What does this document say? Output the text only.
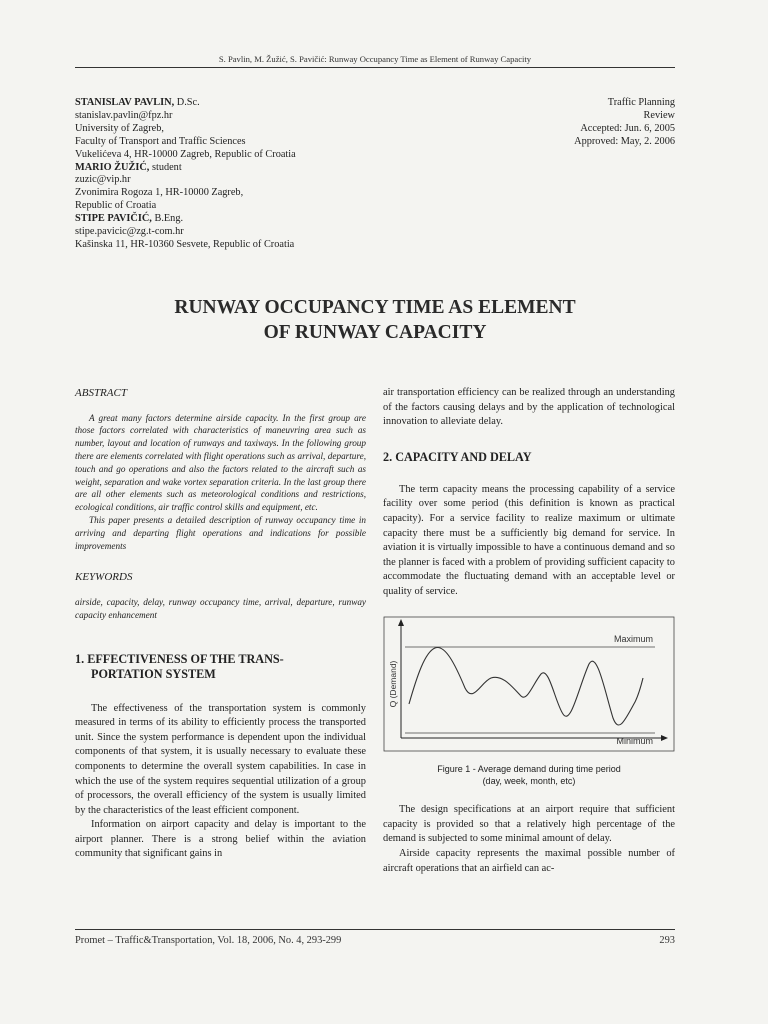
S. Pavlin, M. Žužić, S. Pavičić: Runway Occupancy Time as Element of Runway Capacity
STANISLAV PAVLIN, D.Sc.
stanislav.pavlin@fpz.hr
University of Zagreb,
Faculty of Transport and Traffic Sciences
Vukelićeva 4, HR-10000 Zagreb, Republic of Croatia
MARIO ŽUŽIĆ, student
zuzic@vip.hr
Zvonimira Rogoza 1, HR-10000 Zagreb,
Republic of Croatia
STIPE PAVIČIĆ, B.Eng.
stipe.pavicic@zg.t-com.hr
Kašinska 11, HR-10360 Sesvete, Republic of Croatia
Traffic Planning
Review
Accepted: Jun. 6, 2005
Approved: May, 2. 2006
RUNWAY OCCUPANCY TIME AS ELEMENT
OF RUNWAY CAPACITY
ABSTRACT

A great many factors determine airside capacity. In the first group are those factors correlated with characteristics of maneuvring area such as number, layout and location of runways and taxiways. In the following group there are elements correlated with flight operations such as arrival, departure, touch and go operations and also the factors related to the aircraft such as weight, separation and wake vortex separation criteria. In the last group there are all other elements such as meteorological conditions and restrictions, ecological conditions, air traffic control skills and equipment, etc.

This paper presents a detailed description of runway occupancy time in arriving and departing flight operations and indications for possible improvements

KEYWORDS

airside, capacity, delay, runway occupancy time, arrival, departure, runway capacity enhancement

1. EFFECTIVENESS OF THE TRANS-
PORTATION SYSTEM

The effectiveness of the transportation system is commonly measured in terms of its ability to efficiently process the transported unit. Since the system performance is dependent upon the individual components of that system, it is usually necessary to evaluate these components to determine the overall system capabilities. In case in which the use of the system requires sequential utilization of a group of processors, the overall efficiency of the system is usually limited by the characteristics of the least efficient component.

Information on airport capacity and delay is important to the airport planner. There is a strong belief within the aviation community that significant gains in

air transportation efficiency can be realized through an understanding of the factors causing delays and by the application of technological innovation to alleviate delay.

2. CAPACITY AND DELAY

The term capacity means the processing capability of a service facility over some period (this definition is known as practical capacity). For a service facility to realize maximum or ultimate capacity there must be a sufficiently big demand for service. In aviation it is virtually impossible to have a continuous demand and so the planner is faced with a problem of providing sufficient capacity to accommodate the fluctuating demand with an acceptable level or quality of service.

Maximum
Minimum
Q (Demand)
Figure 1 - Average demand during time period
(day, week, month, etc)

The design specifications at an airport require that sufficient capacity is provided so that a relatively high percentage of the demand is subjected to some minimal amount of delay.

Airside capacity represents the maximal possible number of aircraft operations that an airfield can ac-

Promet – Traffic&Transportation, Vol. 18, 2006, No. 4, 293-299	293
